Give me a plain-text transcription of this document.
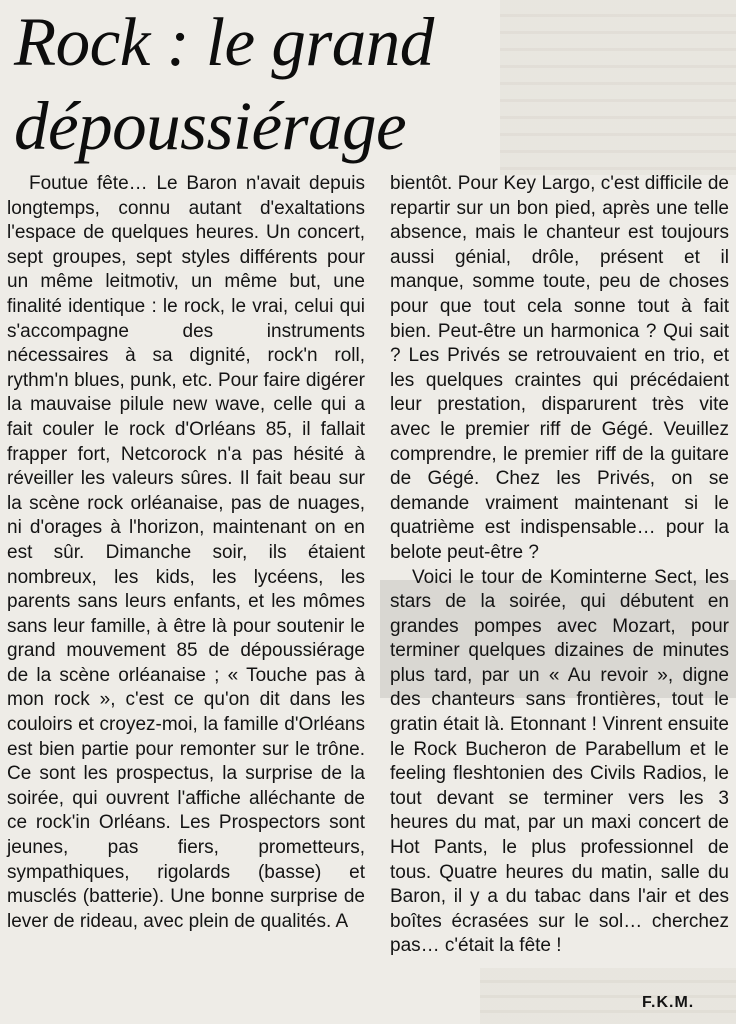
Rock : le grand dépoussiérage

Foutue fête… Le Baron n'avait depuis longtemps, connu autant d'exaltations l'espace de quelques heures. Un concert, sept groupes, sept styles différents pour un même leitmotiv, un même but, une finalité identique : le rock, le vrai, celui qui s'accompagne des instruments nécessaires à sa dignité, rock'n roll, rythm'n blues, punk, etc. Pour faire digérer la mauvaise pilule new wave, celle qui a fait couler le rock d'Orléans 85, il fallait frapper fort, Netcorock n'a pas hésité à réveiller les valeurs sûres. Il fait beau sur la scène rock orléanaise, pas de nuages, ni d'orages à l'horizon, maintenant on en est sûr. Dimanche soir, ils étaient nombreux, les kids, les lycéens, les parents sans leurs enfants, et les mômes sans leur famille, à être là pour soutenir le grand mouvement 85 de dépoussiérage de la scène orléanaise ; « Touche pas à mon rock », c'est ce qu'on dit dans les couloirs et croyez-moi, la famille d'Orléans est bien partie pour remonter sur le trône. Ce sont les prospectus, la surprise de la soirée, qui ouvrent l'affiche alléchante de ce rock'in Orléans. Les Prospectors sont jeunes, pas fiers, prometteurs, sympathiques, rigolards (basse) et musclés (batterie). Une bonne surprise de lever de rideau, avec plein de qualités. A

bientôt. Pour Key Largo, c'est difficile de repartir sur un bon pied, après une telle absence, mais le chanteur est toujours aussi génial, drôle, présent et il manque, somme toute, peu de choses pour que tout cela sonne tout à fait bien. Peut-être un harmonica ? Qui sait ? Les Privés se retrouvaient en trio, et les quelques craintes qui précédaient leur prestation, disparurent très vite avec le premier riff de Gégé. Veuillez comprendre, le premier riff de la guitare de Gégé. Chez les Privés, on se demande vraiment maintenant si le quatrième est indispensable… pour la belote peut-être ?

Voici le tour de Kominterne Sect, les stars de la soirée, qui débutent en grandes pompes avec Mozart, pour terminer quelques dizaines de minutes plus tard, par un « Au revoir », digne des chanteurs sans frontières, tout le gratin était là. Etonnant ! Vinrent ensuite le Rock Bucheron de Parabellum et le feeling fleshtonien des Civils Radios, le tout devant se terminer vers les 3 heures du mat, par un maxi concert de Hot Pants, le plus professionnel de tous. Quatre heures du matin, salle du Baron, il y a du tabac dans l'air et des boîtes écrasées sur le sol… cherchez pas… c'était la fête !

F.K.M.
